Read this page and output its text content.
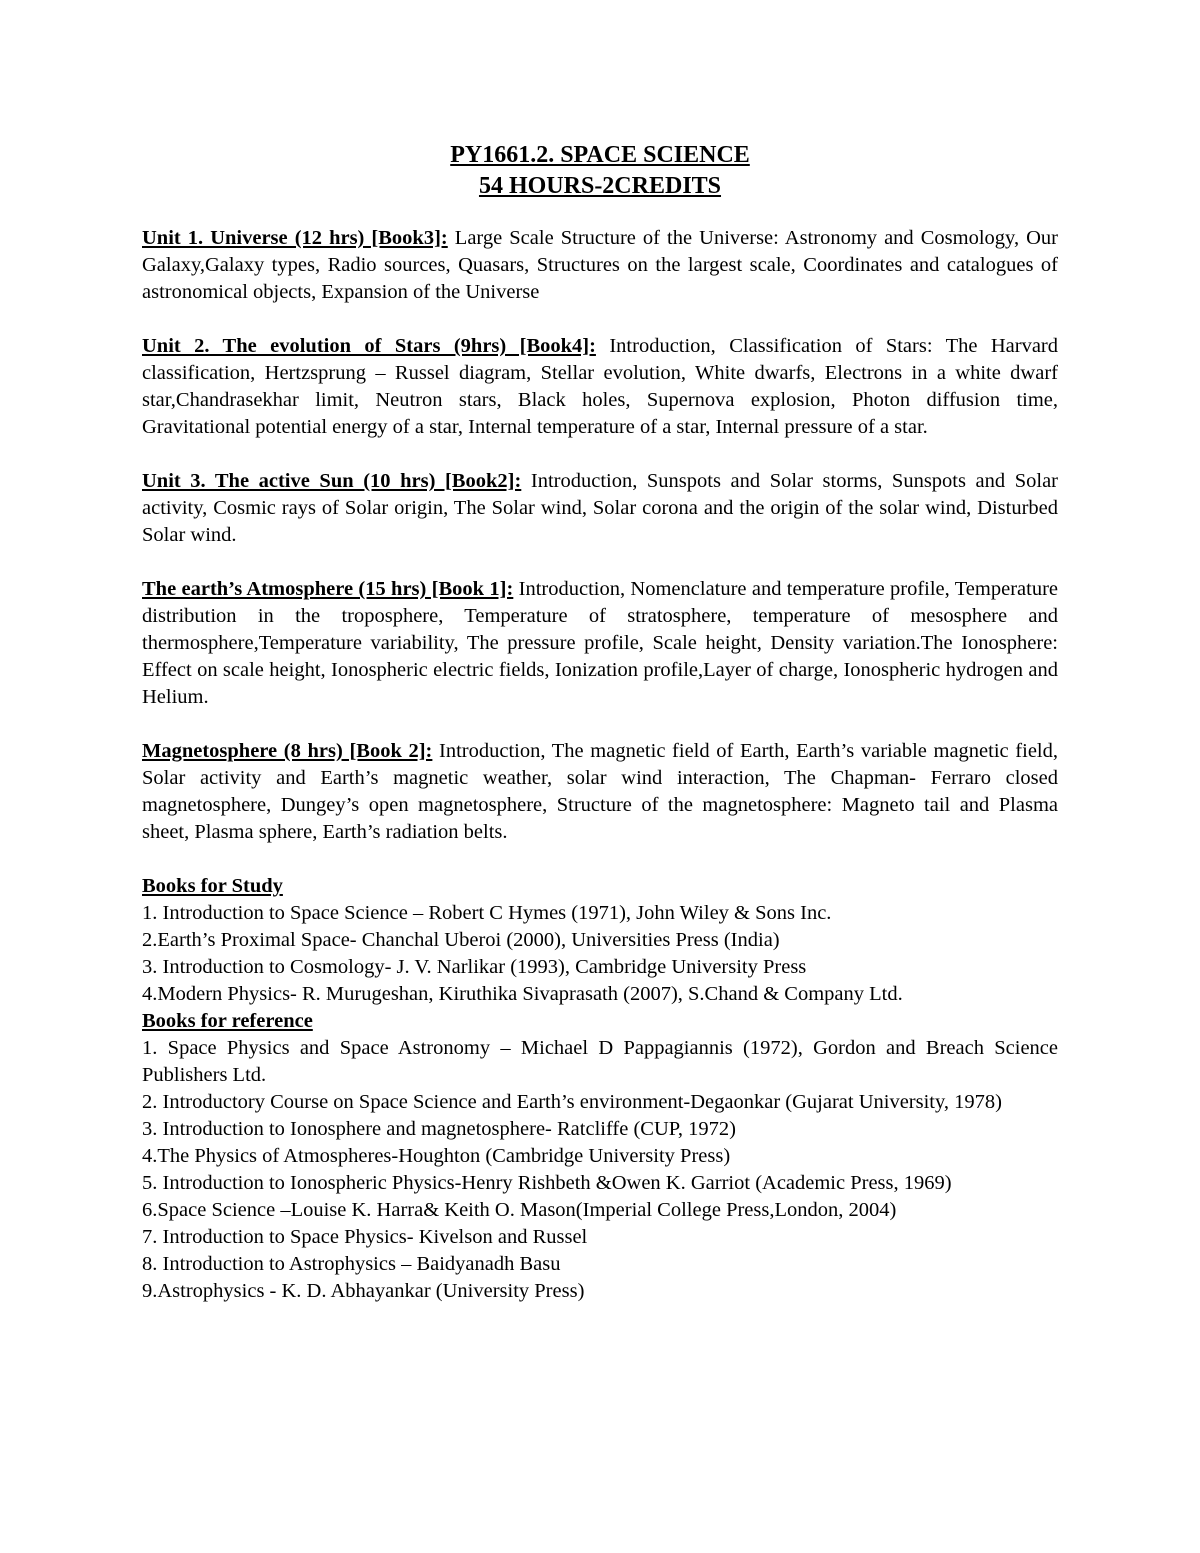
PY1661.2. SPACE SCIENCE

54 HOURS-2CREDITS

Unit 1. Universe (12 hrs) [Book3]: Large Scale Structure of the Universe: Astronomy and Cosmology, Our Galaxy,Galaxy types, Radio sources, Quasars, Structures on the largest scale, Coordinates and catalogues of astronomical objects, Expansion of the Universe

Unit 2. The evolution of Stars (9hrs) [Book4]: Introduction, Classification of Stars: The Harvard classification, Hertzsprung – Russel diagram, Stellar evolution, White dwarfs, Electrons in a white dwarf star,Chandrasekhar limit, Neutron stars, Black holes, Supernova explosion, Photon diffusion time, Gravitational potential energy of a star, Internal temperature of a star, Internal pressure of a star.

Unit 3. The active Sun (10 hrs) [Book2]: Introduction, Sunspots and Solar storms, Sunspots and Solar activity, Cosmic rays of Solar origin, The Solar wind, Solar corona and the origin of the solar wind, Disturbed Solar wind.

The earth’s Atmosphere (15 hrs) [Book 1]: Introduction, Nomenclature and temperature profile, Temperature distribution in the troposphere, Temperature of stratosphere, temperature of mesosphere and thermosphere,Temperature variability, The pressure profile, Scale height, Density variation.The Ionosphere: Effect on scale height, Ionospheric electric fields, Ionization profile,Layer of charge, Ionospheric hydrogen and Helium.

Magnetosphere (8 hrs) [Book 2]: Introduction, The magnetic field of Earth, Earth’s variable magnetic field, Solar activity and Earth’s magnetic weather, solar wind interaction, The Chapman- Ferraro closed magnetosphere, Dungey’s open magnetosphere, Structure of the magnetosphere: Magneto tail and Plasma sheet, Plasma sphere, Earth’s radiation belts.

Books for Study

1. Introduction to Space Science – Robert C Hymes (1971), John Wiley & Sons Inc.
2.Earth’s Proximal Space- Chanchal Uberoi (2000), Universities Press (India)
3. Introduction to Cosmology- J. V. Narlikar (1993), Cambridge University Press
4.Modern Physics- R. Murugeshan, Kiruthika Sivaprasath (2007), S.Chand & Company Ltd.

Books for reference

1. Space Physics and Space Astronomy – Michael D Pappagiannis (1972), Gordon and Breach Science Publishers Ltd.
2. Introductory Course on Space Science and Earth’s environment-Degaonkar (Gujarat University, 1978)
3. Introduction to Ionosphere and magnetosphere- Ratcliffe (CUP, 1972)
4.The Physics of Atmospheres-Houghton (Cambridge University Press)
5. Introduction to Ionospheric Physics-Henry Rishbeth &Owen K. Garriot (Academic Press, 1969)
6.Space Science –Louise K. Harra& Keith O. Mason(Imperial College Press,London, 2004)
7. Introduction to Space Physics- Kivelson and Russel
8. Introduction to Astrophysics – Baidyanadh Basu
9.Astrophysics - K. D. Abhayankar (University Press)
